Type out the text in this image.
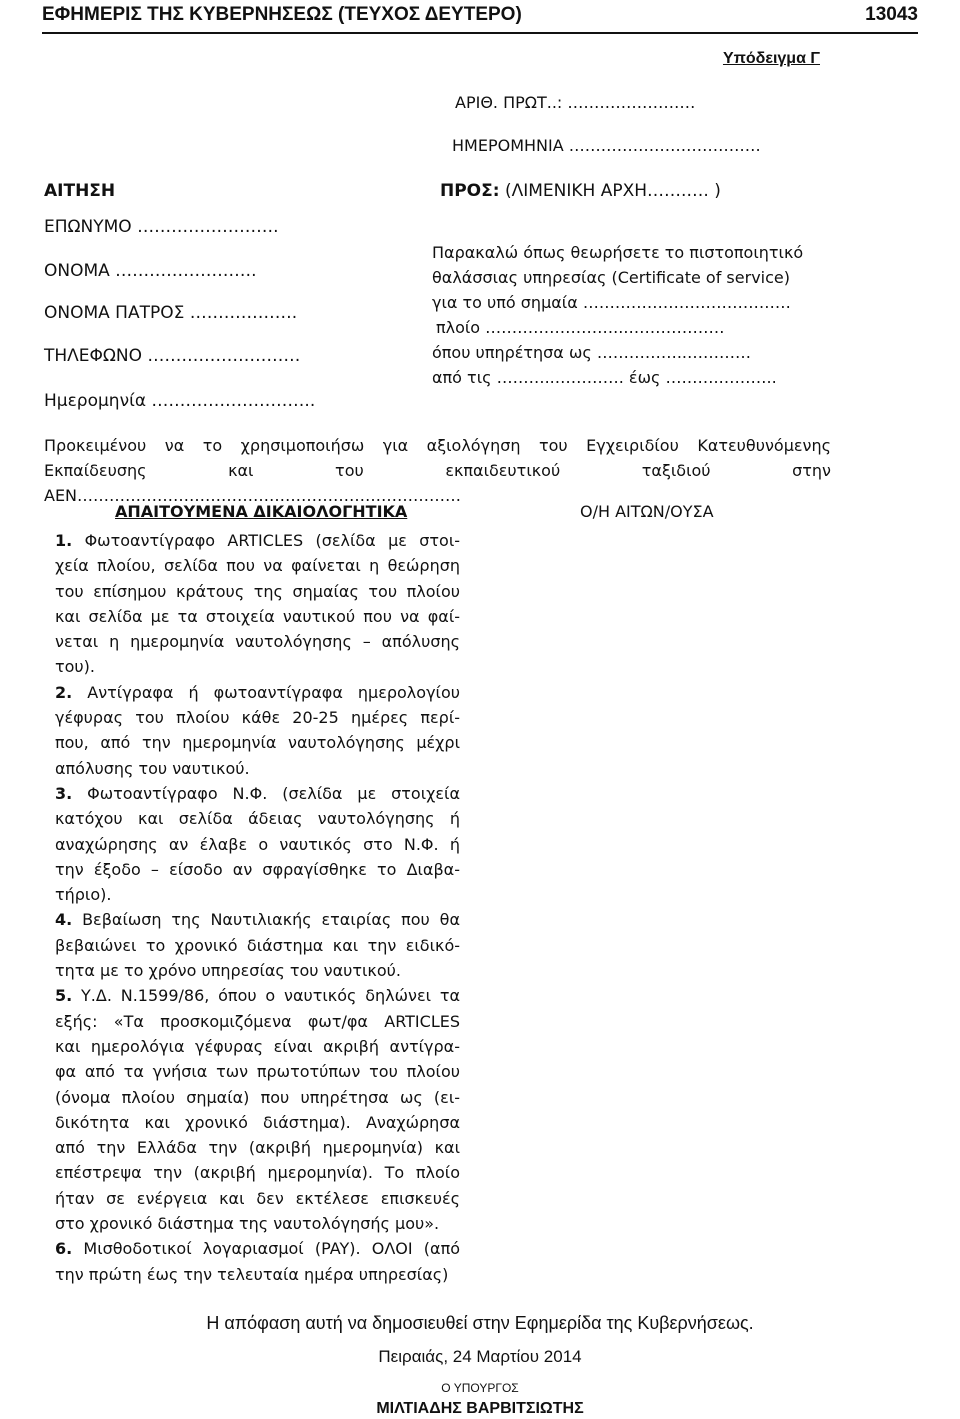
ΕΦΗΜΕΡΙΣ ΤΗΣ ΚΥΒΕΡΝΗΣΕΩΣ (ΤΕΥΧΟΣ ΔΕΥΤΕΡΟ)	13043
Υπόδειγμα Γ
ΑΡΙΘ. ΠΡΩΤ..: ……………………
ΗΜΕΡΟΜΗΝΙΑ ………………………………
ΑΙΤΗΣΗ	ΠΡΟΣ: (ΛΙΜΕΝΙΚΗ ΑΡΧΗ…….…. )
ΕΠΩΝΥΜΟ …………………….
ΟΝΟΜΑ …………………….
ΟΝΟΜΑ ΠΑΤΡΟΣ ……………….
ΤΗΛΕΦΩΝΟ ………………………
Ημερομηνία ………………………..
Παρακαλώ όπως θεωρήσετε το πιστοποιητικό
θαλάσσιας υπηρεσίας (Certificate of service)
για το υπό σημαία …………………………………
πλοίο ……………………...………………
όπου υπηρέτησα ως ……………..…………
από τις ………..…………. έως ……….………..
Προκειμένου να το χρησιμοποιήσω για αξιολόγηση του Εγχειριδίου Κατευθυνόμενης Εκπαίδευσης και του εκπαιδευτικού ταξιδιού στην ΑΕΝ………………………………………………………………
ΑΠΑΙΤΟΥΜΕΝΑ ΔΙΚΑΙΟΛΟΓΗΤΙΚΑ	Ο/Η ΑΙΤΩΝ/ΟΥΣΑ
1. Φωτοαντίγραφο ARTICLES (σελίδα με στοι-
χεία πλοίου, σελίδα που να φαίνεται η θεώρηση
του επίσημου κράτους της σημαίας του πλοίου
και σελίδα με τα στοιχεία ναυτικού που να φαί-
νεται η ημερομηνία ναυτολόγησης – απόλυσης
του).
2. Αντίγραφα ή φωτοαντίγραφα ημερολογίου
γέφυρας του πλοίου κάθε 20-25 ημέρες περί-
που, από την ημερομηνία ναυτολόγησης μέχρι
απόλυσης του ναυτικού.
3. Φωτοαντίγραφο Ν.Φ. (σελίδα με στοιχεία
κατόχου και σελίδα άδειας ναυτολόγησης ή
αναχώρησης αν έλαβε ο ναυτικός στο Ν.Φ. ή
την έξοδο – είσοδο αν σφραγίσθηκε το Διαβα-
τήριο).
4. Βεβαίωση της Ναυτιλιακής εταιρίας που θα
βεβαιώνει το χρονικό διάστημα και την ειδικό-
τητα με το χρόνο υπηρεσίας του ναυτικού.
5. Υ.Δ. Ν.1599/86, όπου ο ναυτικός δηλώνει τα
εξής: «Τα προσκομιζόμενα φωτ/φα ARTICLES
και ημερολόγια γέφυρας είναι ακριβή αντίγρα-
φα από τα γνήσια των πρωτοτύπων του πλοίου
(όνομα πλοίου σημαία) που υπηρέτησα ως (ει-
δικότητα και χρονικό διάστημα). Αναχώρησα
από την Ελλάδα την (ακριβή ημερομηνία) και
επέστρεψα την (ακριβή ημερομηνία). Το πλοίο
ήταν σε ενέργεια και δεν εκτέλεσε επισκευές
στο χρονικό διάστημα της ναυτολόγησής μου».
6. Μισθοδοτικοί λογαριασμοί (PAY). ΟΛΟΙ (από
την πρώτη έως την τελευταία ημέρα υπηρεσίας)
Η απόφαση αυτή να δημοσιευθεί στην Εφημερίδα της Κυβερνήσεως.
Πειραιάς, 24 Μαρτίου 2014
Ο ΥΠΟΥΡΓΟΣ
ΜΙΛΤΙΑΔΗΣ ΒΑΡΒΙΤΣΙΩΤΗΣ
